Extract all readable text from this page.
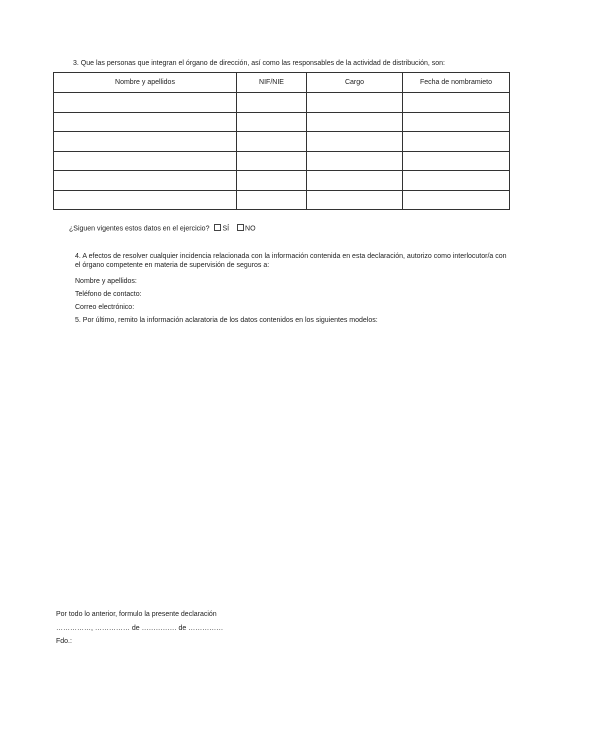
3. Que las personas que integran el órgano de dirección, así como las responsables de la actividad de distribución, son:
Nombre y apellidos	NIF/NIE	Cargo	Fecha de nombramieto

¿Siguen vigentes estos datos en el ejercicio? SÍ NO
4. A efectos de resolver cualquier incidencia relacionada con la información contenida en esta declaración, autorizo como interlocutor/a con
el órgano competente en materia de supervisión de seguros a:
Nombre y apellidos:
Teléfono de contacto:
Correo electrónico:
5. Por último, remito la información aclaratoria de los datos contenidos en los siguientes modelos:
Por todo lo anterior, formulo la presente declaración
……………, …………… de …………… de ……………
Fdo.:
